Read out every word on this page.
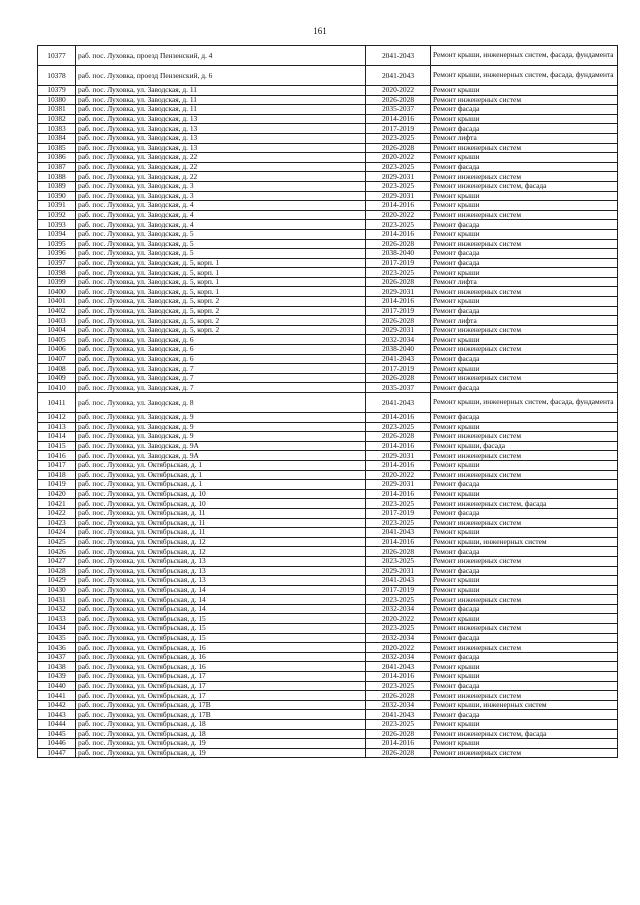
161
10377	раб. пос. Луховка, проезд Пензенский, д. 4	2041-2043	Ремонт крыши, инженерных систем, фасада, фундамента
10378	раб. пос. Луховка, проезд Пензенский, д. 6	2041-2043	Ремонт крыши, инженерных систем, фасада, фундамента
10379	раб. пос. Луховка, ул. Заводская, д. 11	2020-2022	Ремонт крыши
10380	раб. пос. Луховка, ул. Заводская, д. 11	2026-2028	Ремонт инженерных систем
10381	раб. пос. Луховка, ул. Заводская, д. 11	2035-2037	Ремонт фасада
10382	раб. пос. Луховка, ул. Заводская, д. 13	2014-2016	Ремонт крыши
10383	раб. пос. Луховка, ул. Заводская, д. 13	2017-2019	Ремонт фасада
10384	раб. пос. Луховка, ул. Заводская, д. 13	2023-2025	Ремонт лифта
10385	раб. пос. Луховка, ул. Заводская, д. 13	2026-2028	Ремонт инженерных систем
10386	раб. пос. Луховка, ул. Заводская, д. 22	2020-2022	Ремонт крыши
10387	раб. пос. Луховка, ул. Заводская, д. 22	2023-2025	Ремонт фасада
10388	раб. пос. Луховка, ул. Заводская, д. 22	2029-2031	Ремонт инженерных систем
10389	раб. пос. Луховка, ул. Заводская, д. 3	2023-2025	Ремонт инженерных систем, фасада
10390	раб. пос. Луховка, ул. Заводская, д. 3	2029-2031	Ремонт крыши
10391	раб. пос. Луховка, ул. Заводская, д. 4	2014-2016	Ремонт крыши
10392	раб. пос. Луховка, ул. Заводская, д. 4	2020-2022	Ремонт инженерных систем
10393	раб. пос. Луховка, ул. Заводская, д. 4	2023-2025	Ремонт фасада
10394	раб. пос. Луховка, ул. Заводская, д. 5	2014-2016	Ремонт крыши
10395	раб. пос. Луховка, ул. Заводская, д. 5	2026-2028	Ремонт инженерных систем
10396	раб. пос. Луховка, ул. Заводская, д. 5	2038-2040	Ремонт фасада
10397	раб. пос. Луховка, ул. Заводская, д. 5, корп. 1	2017-2019	Ремонт фасада
10398	раб. пос. Луховка, ул. Заводская, д. 5, корп. 1	2023-2025	Ремонт крыши
10399	раб. пос. Луховка, ул. Заводская, д. 5, корп. 1	2026-2028	Ремонт лифта
10400	раб. пос. Луховка, ул. Заводская, д. 5, корп. 1	2029-2031	Ремонт инженерных систем
10401	раб. пос. Луховка, ул. Заводская, д. 5, корп. 2	2014-2016	Ремонт крыши
10402	раб. пос. Луховка, ул. Заводская, д. 5, корп. 2	2017-2019	Ремонт фасада
10403	раб. пос. Луховка, ул. Заводская, д. 5, корп. 2	2026-2028	Ремонт лифта
10404	раб. пос. Луховка, ул. Заводская, д. 5, корп. 2	2029-2031	Ремонт инженерных систем
10405	раб. пос. Луховка, ул. Заводская, д. 6	2032-2034	Ремонт крыши
10406	раб. пос. Луховка, ул. Заводская, д. 6	2038-2040	Ремонт инженерных систем
10407	раб. пос. Луховка, ул. Заводская, д. 6	2041-2043	Ремонт фасада
10408	раб. пос. Луховка, ул. Заводская, д. 7	2017-2019	Ремонт крыши
10409	раб. пос. Луховка, ул. Заводская, д. 7	2026-2028	Ремонт инженерных систем
10410	раб. пос. Луховка, ул. Заводская, д. 7	2035-2037	Ремонт фасада
10411	раб. пос. Луховка, ул. Заводская, д. 8	2041-2043	Ремонт крыши, инженерных систем, фасада, фундамента
10412	раб. пос. Луховка, ул. Заводская, д. 9	2014-2016	Ремонт фасада
10413	раб. пос. Луховка, ул. Заводская, д. 9	2023-2025	Ремонт крыши
10414	раб. пос. Луховка, ул. Заводская, д. 9	2026-2028	Ремонт инженерных систем
10415	раб. пос. Луховка, ул. Заводская, д. 9А	2014-2016	Ремонт крыши, фасада
10416	раб. пос. Луховка, ул. Заводская, д. 9А	2029-2031	Ремонт инженерных систем
10417	раб. пос. Луховка, ул. Октябрьская, д. 1	2014-2016	Ремонт крыши
10418	раб. пос. Луховка, ул. Октябрьская, д. 1	2020-2022	Ремонт инженерных систем
10419	раб. пос. Луховка, ул. Октябрьская, д. 1	2029-2031	Ремонт фасада
10420	раб. пос. Луховка, ул. Октябрьская, д. 10	2014-2016	Ремонт крыши
10421	раб. пос. Луховка, ул. Октябрьская, д. 10	2023-2025	Ремонт инженерных систем, фасада
10422	раб. пос. Луховка, ул. Октябрьская, д. 11	2017-2019	Ремонт фасада
10423	раб. пос. Луховка, ул. Октябрьская, д. 11	2023-2025	Ремонт инженерных систем
10424	раб. пос. Луховка, ул. Октябрьская, д. 11	2041-2043	Ремонт крыши
10425	раб. пос. Луховка, ул. Октябрьская, д. 12	2014-2016	Ремонт крыши, инженерных систем
10426	раб. пос. Луховка, ул. Октябрьская, д. 12	2026-2028	Ремонт фасада
10427	раб. пос. Луховка, ул. Октябрьская, д. 13	2023-2025	Ремонт инженерных систем
10428	раб. пос. Луховка, ул. Октябрьская, д. 13	2029-2031	Ремонт фасада
10429	раб. пос. Луховка, ул. Октябрьская, д. 13	2041-2043	Ремонт крыши
10430	раб. пос. Луховка, ул. Октябрьская, д. 14	2017-2019	Ремонт крыши
10431	раб. пос. Луховка, ул. Октябрьская, д. 14	2023-2025	Ремонт инженерных систем
10432	раб. пос. Луховка, ул. Октябрьская, д. 14	2032-2034	Ремонт фасада
10433	раб. пос. Луховка, ул. Октябрьская, д. 15	2020-2022	Ремонт крыши
10434	раб. пос. Луховка, ул. Октябрьская, д. 15	2023-2025	Ремонт инженерных систем
10435	раб. пос. Луховка, ул. Октябрьская, д. 15	2032-2034	Ремонт фасада
10436	раб. пос. Луховка, ул. Октябрьская, д. 16	2020-2022	Ремонт инженерных систем
10437	раб. пос. Луховка, ул. Октябрьская, д. 16	2032-2034	Ремонт фасада
10438	раб. пос. Луховка, ул. Октябрьская, д. 16	2041-2043	Ремонт крыши
10439	раб. пос. Луховка, ул. Октябрьская, д. 17	2014-2016	Ремонт крыши
10440	раб. пос. Луховка, ул. Октябрьская, д. 17	2023-2025	Ремонт фасада
10441	раб. пос. Луховка, ул. Октябрьская, д. 17	2026-2028	Ремонт инженерных систем
10442	раб. пос. Луховка, ул. Октябрьская, д. 17В	2032-2034	Ремонт крыши, инженерных систем
10443	раб. пос. Луховка, ул. Октябрьская, д. 17В	2041-2043	Ремонт фасада
10444	раб. пос. Луховка, ул. Октябрьская, д. 18	2023-2025	Ремонт крыши
10445	раб. пос. Луховка, ул. Октябрьская, д. 18	2026-2028	Ремонт инженерных систем, фасада
10446	раб. пос. Луховка, ул. Октябрьская, д. 19	2014-2016	Ремонт крыши
10447	раб. пос. Луховка, ул. Октябрьская, д. 19	2026-2028	Ремонт инженерных систем
